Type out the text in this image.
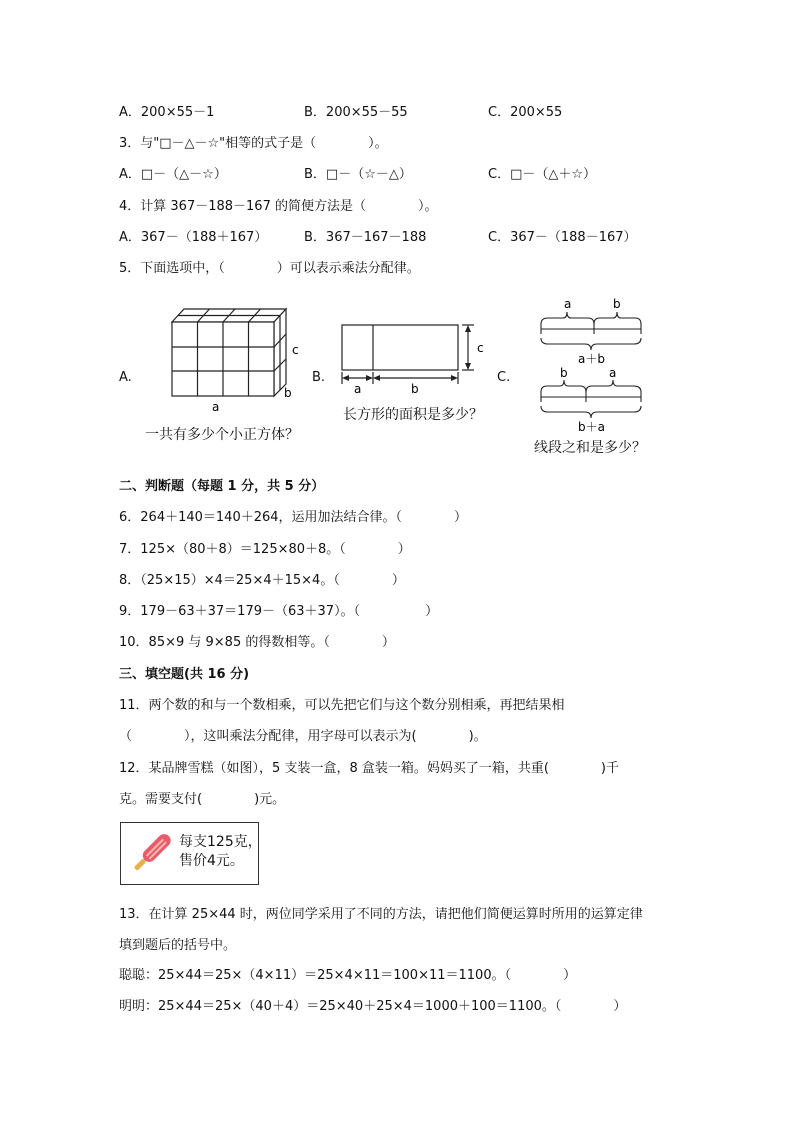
A．200×55－1	B．200×55－55	C．200×55
3．与"□－△－☆"相等的式子是（　　　　）。
A．□－（△－☆）	B．□－（☆－△）	C．□－（△＋☆）
4．计算 367－188－167 的简便方法是（　　　　）。
A．367－（188＋167）	B．367－167－188	C．367－（188－167）
5．下面选项中，（　　　　）可以表示乘法分配律。
A.	B.	C.
c
b
a
一共有多少个小正方体？
c
a	b
长方形的面积是多少？
a	b
a＋b
b	a
b＋a
线段之和是多少？
二、判断题（每题 1 分，共 5 分）
6．264＋140＝140＋264，运用加法结合律。（　　　　）
7．125×（80＋8）＝125×80＋8。（　　　　）
8．（25×15）×4＝25×4＋15×4。（　　　　）
9．179－63＋37＝179－（63＋37）。（　　　　　）
10．85×9 与 9×85 的得数相等。（　　　　）
三、填空题(共 16 分)
11．两个数的和与一个数相乘，可以先把它们与这个数分别相乘，再把结果相
（　　　　），这叫乘法分配律，用字母可以表示为(　　　　)。
12．某品牌雪糕（如图），5 支装一盒，8 盒装一箱。妈妈买了一箱，共重(　　　　)千
克。需要支付(　　　　)元。
每支125克，
售价4元。
13．在计算 25×44 时，两位同学采用了不同的方法，请把他们简便运算时所用的运算定律
填到题后的括号中。
聪聪：25×44＝25×（4×11）＝25×4×11＝100×11＝1100。（　　　　）
明明：25×44＝25×（40＋4）＝25×40＋25×4＝1000＋100＝1100。（　　　　）
